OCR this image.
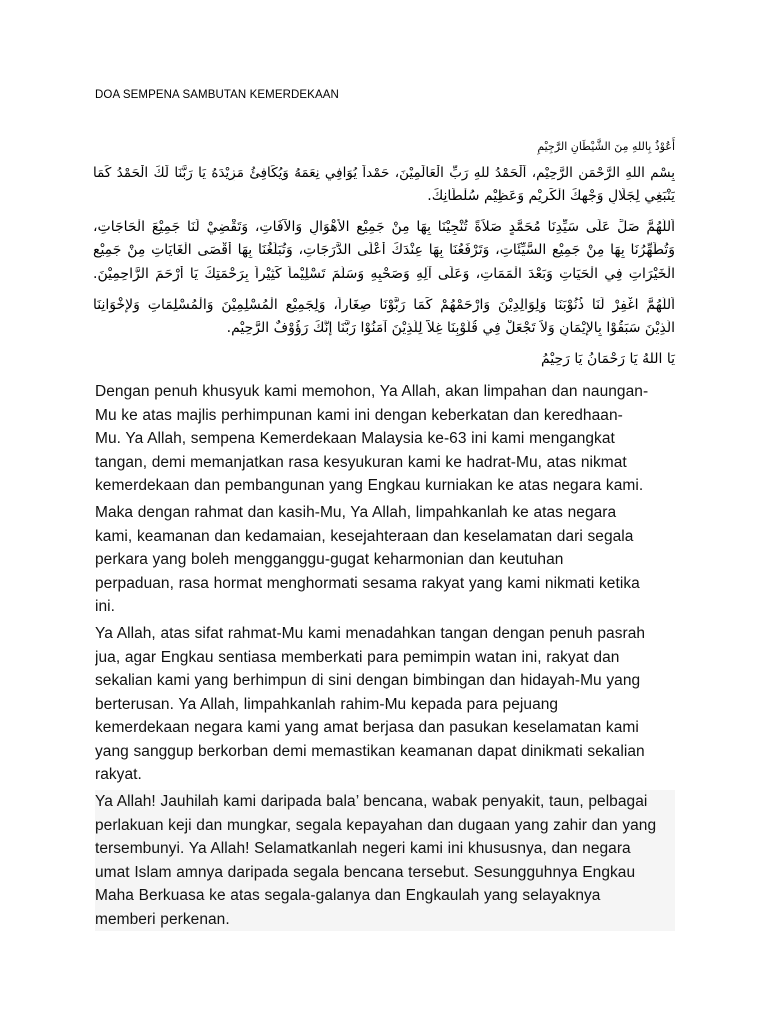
DOA SEMPENA SAMBUTAN KEMERDEKAAN
أَعُوْذُ بِاللهِ مِنَ الشَّيْطَانِ الرَّجِيْمِ
بِسْمِ اللهِ الرَّحْمَنِ الرَّحِيْمِ، اَلْحَمْدُ للهِ رَبِّ الْعَالَمِيْنَ، حَمْداً يُوَافِي نِعَمَهُ وَيُكَافِئُ مَزِيْدَهُ يَا رَبَّنَا لَكَ الْحَمْدُ كَمَا
يَنْبَغِي لِجَلَالِ وَجْهِكَ الْكَرِيْمِ وَعَظِيْمِ سُلْطَانِكَ.
اَللّهُمَّ صَلِّ عَلَى سَيِّدِنَا مُحَمَّدٍ صَلاَةً تُنْجِيْنَا بِهَا مِنْ جَمِيْعِ الأَهْوَالِ وَالآفَاتِ، وَتَقْضِيْ لَنَا جَمِيْعَ الْحَاجَاتِ،
وَتُطَهِّرُنَا بِهَا مِنْ جَمِيْعِ السَّيِّئَاتِ، وَتَرْفَعُنَا بِهَا عِنْدَكَ أَعْلَى الدَّرَجَاتِ، وَتُبَلِّغُنَا بِهَا أَقْصَى الْغَايَاتِ مِنْ جَمِيْعِ
الْخَيْرَاتِ فِي الْحَيَاتِ وَبَعْدَ الْمَمَاتِ، وَعَلَى آلِهِ وَصَحْبِهِ وَسَلَّمَ تَسْلِيْماً كَثِيْراً بِرَحْمَتِكَ يَا أَرْحَمَ الرَّاحِمِيْنَ.
اَللّهُمَّ اغْفِرْ لَنَا ذُنُوْبَنَا وَلِوَالِدِيْنَ وَارْحَمْهُمْ كَمَا رَبَّوْنَا صِغَاراً، وَلِجَمِيْعِ الْمُسْلِمِيْنَ وَالْمُسْلِمَاتِ وَلإِخْوَانِنَا
الَّذِيْنَ سَبَقُوْا بِالإِيْمَانِ وَلاَ تَجْعَلْ فِي قُلُوْبِنَا غِلاًّ لِلَّذِيْنَ آمَنُوْا رَبَّنَا إِنَّكَ رَؤُوْفٌ الرَّحِيْمِ.
يَا اللهُ يَا رَحْمَانُ يَا رَحِيْمُ
Dengan penuh khusyuk kami memohon, Ya Allah, akan limpahan dan naungan-
Mu ke atas majlis perhimpunan kami ini dengan keberkatan dan keredhaan-
Mu. Ya Allah, sempena Kemerdekaan Malaysia ke-63 ini kami mengangkat
tangan, demi memanjatkan rasa kesyukuran kami ke hadrat-Mu, atas nikmat
kemerdekaan dan pembangunan yang Engkau kurniakan ke atas negara kami.
Maka dengan rahmat dan kasih-Mu, Ya Allah, limpahkanlah ke atas negara
kami, keamanan dan kedamaian, kesejahteraan dan keselamatan dari segala
perkara yang boleh mengganggu-gugat keharmonian dan keutuhan
perpaduan, rasa hormat menghormati sesama rakyat yang kami nikmati ketika
ini.
Ya Allah, atas sifat rahmat-Mu kami menadahkan tangan dengan penuh pasrah
jua, agar Engkau sentiasa memberkati para pemimpin watan ini, rakyat dan
sekalian kami yang berhimpun di sini dengan bimbingan dan hidayah-Mu yang
berterusan. Ya Allah, limpahkanlah rahim-Mu kepada para pejuang
kemerdekaan negara kami yang amat berjasa dan pasukan keselamatan kami
yang sanggup berkorban demi memastikan keamanan dapat dinikmati sekalian
rakyat.
Ya Allah! Jauhilah kami daripada bala’ bencana, wabak penyakit, taun, pelbagai
perlakuan keji dan mungkar, segala kepayahan dan dugaan yang zahir dan yang
tersembunyi. Ya Allah! Selamatkanlah negeri kami ini khususnya, dan negara
umat Islam amnya daripada segala bencana tersebut. Sesungguhnya Engkau
Maha Berkuasa ke atas segala-galanya dan Engkaulah yang selayaknya
memberi perkenan.
